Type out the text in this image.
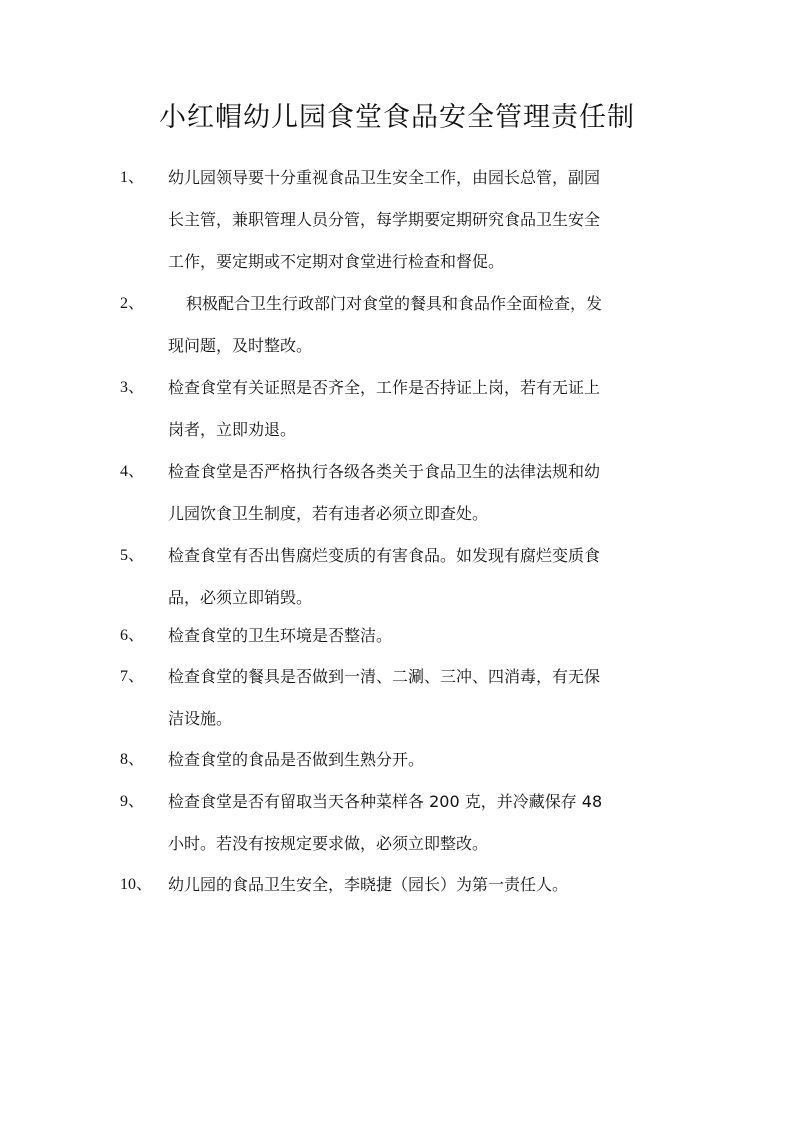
小红帽幼儿园食堂食品安全管理责任制
1、	幼儿园领导要十分重视食品卫生安全工作，由园长总管，副园
长主管，兼职管理人员分管，每学期要定期研究食品卫生安全
工作，要定期或不定期对食堂进行检查和督促。
2、	积极配合卫生行政部门对食堂的餐具和食品作全面检查，发
现问题，及时整改。
3、	检查食堂有关证照是否齐全，工作是否持证上岗，若有无证上
岗者，立即劝退。
4、	检查食堂是否严格执行各级各类关于食品卫生的法律法规和幼
儿园饮食卫生制度，若有违者必须立即查处。
5、	检查食堂有否出售腐烂变质的有害食品。如发现有腐烂变质食
品，必须立即销毁。
6、	检查食堂的卫生环境是否整洁。
7、	检查食堂的餐具是否做到一清、二涮、三冲、四消毒，有无保
洁设施。
8、	检查食堂的食品是否做到生熟分开。
9、	检查食堂是否有留取当天各种菜样各 200 克，并冷藏保存 48
小时。若没有按规定要求做，必须立即整改。
10、 幼儿园的食品卫生安全，李晓捷（园长）为第一责任人。
